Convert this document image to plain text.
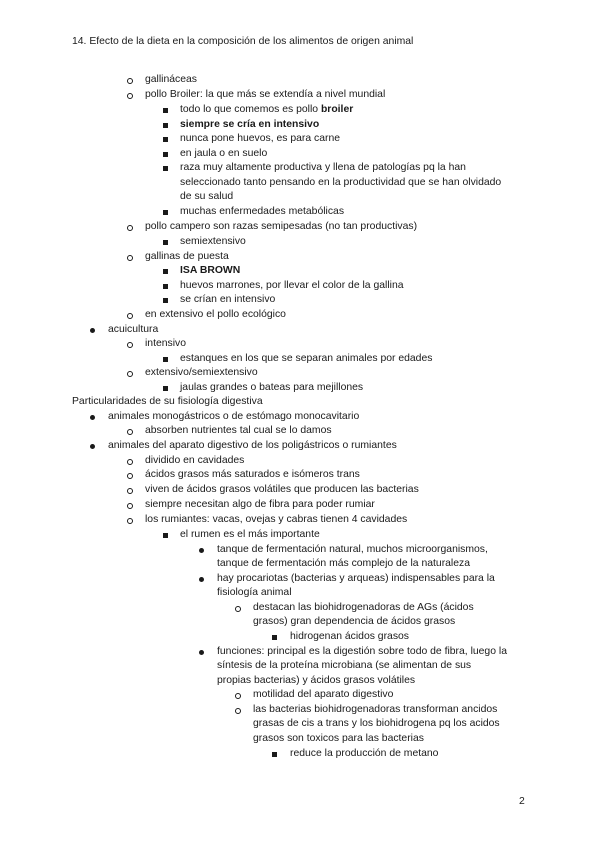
14. Efecto de la dieta en la composición de los alimentos de origen animal
gallináceas
pollo Broiler: la que más se extendía a nivel mundial
todo lo que comemos es pollo broiler
siempre se cría en intensivo
nunca pone huevos, es para carne
en jaula o en suelo
raza muy altamente productiva y llena de patologías pq la han
seleccionado tanto pensando en la productividad que se han olvidado
de su salud
muchas enfermedades metabólicas
pollo campero son razas semipesadas (no tan productivas)
semiextensivo
gallinas de puesta
ISA BROWN
huevos marrones, por llevar el color de la gallina
se crían en intensivo
en extensivo el pollo ecológico
acuicultura
intensivo
estanques en los que se separan animales por edades
extensivo/semiextensivo
jaulas grandes o bateas para mejillones
Particularidades de su fisiología digestiva
animales monogástricos o de estómago monocavitario
absorben nutrientes tal cual se lo damos
animales del aparato digestivo de los poligástricos o rumiantes
dividido en cavidades
ácidos grasos más saturados e isómeros trans
viven de ácidos grasos volátiles que producen las bacterias
siempre necesitan algo de fibra para poder rumiar
los rumiantes: vacas, ovejas y cabras tienen 4 cavidades
el rumen es el más importante
tanque de fermentación natural, muchos microorganismos,
tanque de fermentación más complejo de la naturaleza
hay procariotas (bacterias y arqueas) indispensables para la
fisiología animal
destacan las biohidrogenadoras de AGs (ácidos
grasos) gran dependencia de ácidos grasos
hidrogenan ácidos grasos
funciones: principal es la digestión sobre todo de fibra, luego la
síntesis de la proteína microbiana (se alimentan de sus
propias bacterias) y ácidos grasos volátiles
motilidad del aparato digestivo
las bacterias biohidrogenadoras transforman ancidos
grasas de cis a trans y los biohidrogena pq los acidos
grasos son toxicos para las bacterias
reduce la producción de metano
2
